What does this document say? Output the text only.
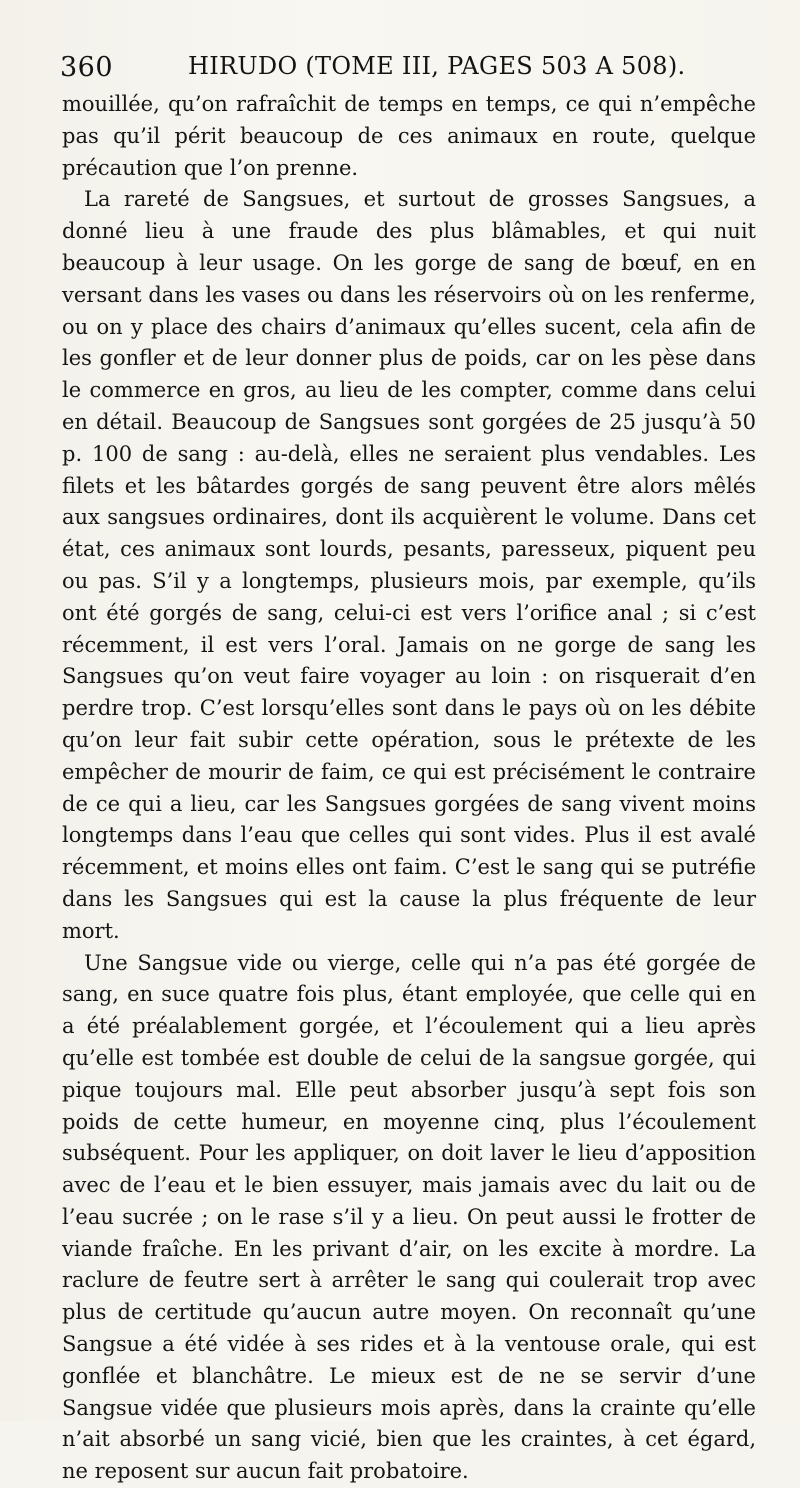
360	HIRUDO (TOME III, PAGES 503 A 508).

mouillée, qu’on rafraîchit de temps en temps, ce qui n’empêche pas qu’il périt beaucoup de ces animaux en route, quelque précaution que l’on prenne.

La rareté de Sangsues, et surtout de grosses Sangsues, a donné lieu à une fraude des plus blâmables, et qui nuit beaucoup à leur usage. On les gorge de sang de bœuf, en en versant dans les vases ou dans les réservoirs où on les renferme, ou on y place des chairs d’animaux qu’elles sucent, cela afin de les gonfler et de leur donner plus de poids, car on les pèse dans le commerce en gros, au lieu de les compter, comme dans celui en détail. Beaucoup de Sangsues sont gorgées de 25 jusqu’à 50 p. 100 de sang : au-delà, elles ne seraient plus vendables. Les filets et les bâtardes gorgés de sang peuvent être alors mêlés aux sangsues ordinaires, dont ils acquièrent le volume. Dans cet état, ces animaux sont lourds, pesants, paresseux, piquent peu ou pas. S’il y a longtemps, plusieurs mois, par exemple, qu’ils ont été gorgés de sang, celui-ci est vers l’orifice anal ; si c’est récemment, il est vers l’oral. Jamais on ne gorge de sang les Sangsues qu’on veut faire voyager au loin : on risquerait d’en perdre trop. C’est lorsqu’elles sont dans le pays où on les débite qu’on leur fait subir cette opération, sous le prétexte de les empêcher de mourir de faim, ce qui est précisément le contraire de ce qui a lieu, car les Sangsues gorgées de sang vivent moins longtemps dans l’eau que celles qui sont vides. Plus il est avalé récemment, et moins elles ont faim. C’est le sang qui se putréfie dans les Sangsues qui est la cause la plus fréquente de leur mort.

Une Sangsue vide ou vierge, celle qui n’a pas été gorgée de sang, en suce quatre fois plus, étant employée, que celle qui en a été préalablement gorgée, et l’écoulement qui a lieu après qu’elle est tombée est double de celui de la sangsue gorgée, qui pique toujours mal. Elle peut absorber jusqu’à sept fois son poids de cette humeur, en moyenne cinq, plus l’écoulement subséquent. Pour les appliquer, on doit laver le lieu d’apposition avec de l’eau et le bien essuyer, mais jamais avec du lait ou de l’eau sucrée ; on le rase s’il y a lieu. On peut aussi le frotter de viande fraîche. En les privant d’air, on les excite à mordre. La raclure de feutre sert à arrêter le sang qui coulerait trop avec plus de certitude qu’aucun autre moyen. On reconnaît qu’une Sangsue a été vidée à ses rides et à la ventouse orale, qui est gonflée et blanchâtre. Le mieux est de ne se servir d’une Sangsue vidée que plusieurs mois après, dans la crainte qu’elle n’ait absorbé un sang vicié, bien que les craintes, à cet égard, ne reposent sur aucun fait probatoire.
